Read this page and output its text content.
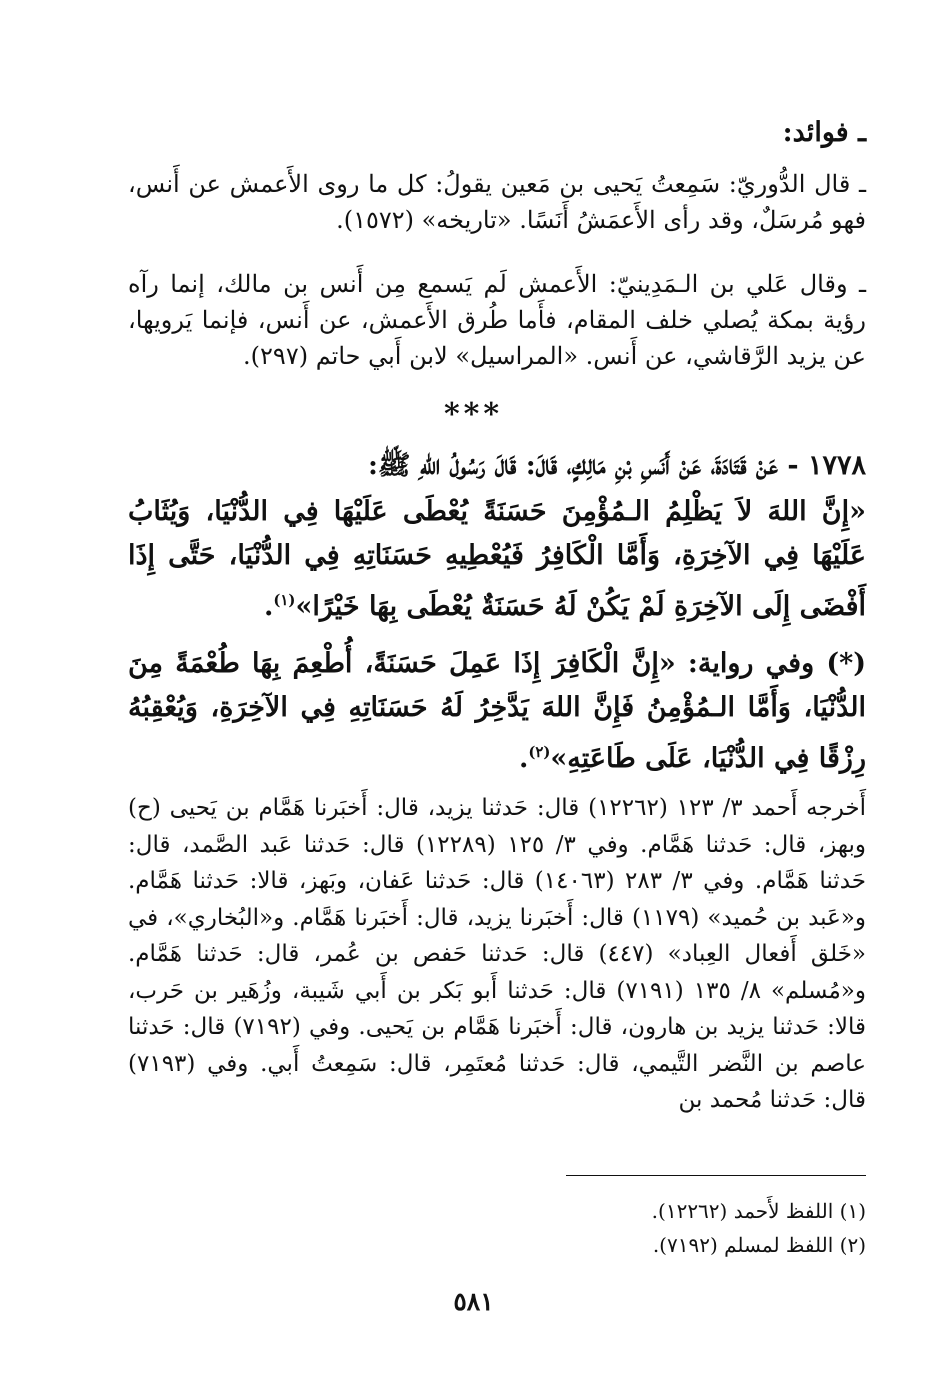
ـ فوائد:

ـ قال الدُّوريّ: سَمِعتُ يَحيى بن مَعين يقولُ: كل ما روى الأَعمش عن أَنس، فهو مُرسَلٌ، وقد رأى الأَعمَشُ أَنَسًا. «تاريخه» (١٥٧٢).

ـ وقال عَلي بن الـمَدِينيّ: الأَعمش لَم يَسمع مِن أَنس بن مالك، إنما رآه رؤية بمكة يُصلي خلف المقام، فأَما طُرق الأَعمش، عن أَنس، فإنما يَرويها، عن يزيد الرَّقاشي، عن أَنس. «المراسيل» لابن أَبي حاتم (٢٩٧).

***

١٧٧٨ - عَنْ قَتَادَةَ، عَنْ أَنَسِ بْنِ مَالِكٍ، قَالَ: قَالَ رَسُولُ اللهِ ﷺ:

«إِنَّ اللهَ لاَ يَظْلِمُ الـمُؤْمِنَ حَسَنَةً يُعْطَى عَلَيْهَا فِي الدُّنْيَا، وَيُثَابُ عَلَيْهَا فِي الآخِرَةِ، وَأَمَّا الْكَافِرُ فَيُعْطِيهِ حَسَنَاتِهِ فِي الدُّنْيَا، حَتَّى إِذَا أَفْضَى إِلَى الآخِرَةِ لَمْ يَكُنْ لَهُ حَسَنَةٌ يُعْطَى بِهَا خَيْرًا»$^{(١)}$.

(*) وفي رواية: «إِنَّ الْكَافِرَ إِذَا عَمِلَ حَسَنَةً، أُطْعِمَ بِهَا طُعْمَةً مِنَ الدُّنْيَا، وَأَمَّا الـمُؤْمِنُ فَإِنَّ اللهَ يَدَّخِرُ لَهُ حَسَنَاتِهِ فِي الآخِرَةِ، وَيُعْقِبُهُ رِزْقًا فِي الدُّنْيَا، عَلَى طَاعَتِهِ»$^{(٢)}$.

أَخرجه أَحمد ٣/ ١٢٣ (١٢٢٦٢) قال: حَدثنا يزيد، قال: أَخبَرنا هَمَّام بن يَحيى (ح) وبهز، قال: حَدثنا هَمَّام. وفي ٣/ ١٢٥ (١٢٢٨٩) قال: حَدثنا عَبد الصَّمد، قال: حَدثنا هَمَّام. وفي ٣/ ٢٨٣ (١٤٠٦٣) قال: حَدثنا عَفان، وبَهز، قالا: حَدثنا هَمَّام. و«عَبد بن حُميد» (١١٧٩) قال: أَخبَرنا يزيد، قال: أَخبَرنا هَمَّام. و«البُخاري»، في «خَلق أَفعال العِباد» (٤٤٧) قال: حَدثنا حَفص بن عُمر، قال: حَدثنا هَمَّام. و«مُسلم» ٨/ ١٣٥ (٧١٩١) قال: حَدثنا أَبو بَكر بن أَبي شَيبة، وزُهَير بن حَرب، قالا: حَدثنا يزيد بن هارون، قال: أَخبَرنا هَمَّام بن يَحيى. وفي (٧١٩٢) قال: حَدثنا عاصم بن النَّضر التَّيمي، قال: حَدثنا مُعتَمِر، قال: سَمِعتُ أَبي. وفي (٧١٩٣) قال: حَدثنا مُحمد بن

(١) اللفظ لأَحمد (١٢٢٦٢).
(٢) اللفظ لمسلم (٧١٩٢).
٥٨١
